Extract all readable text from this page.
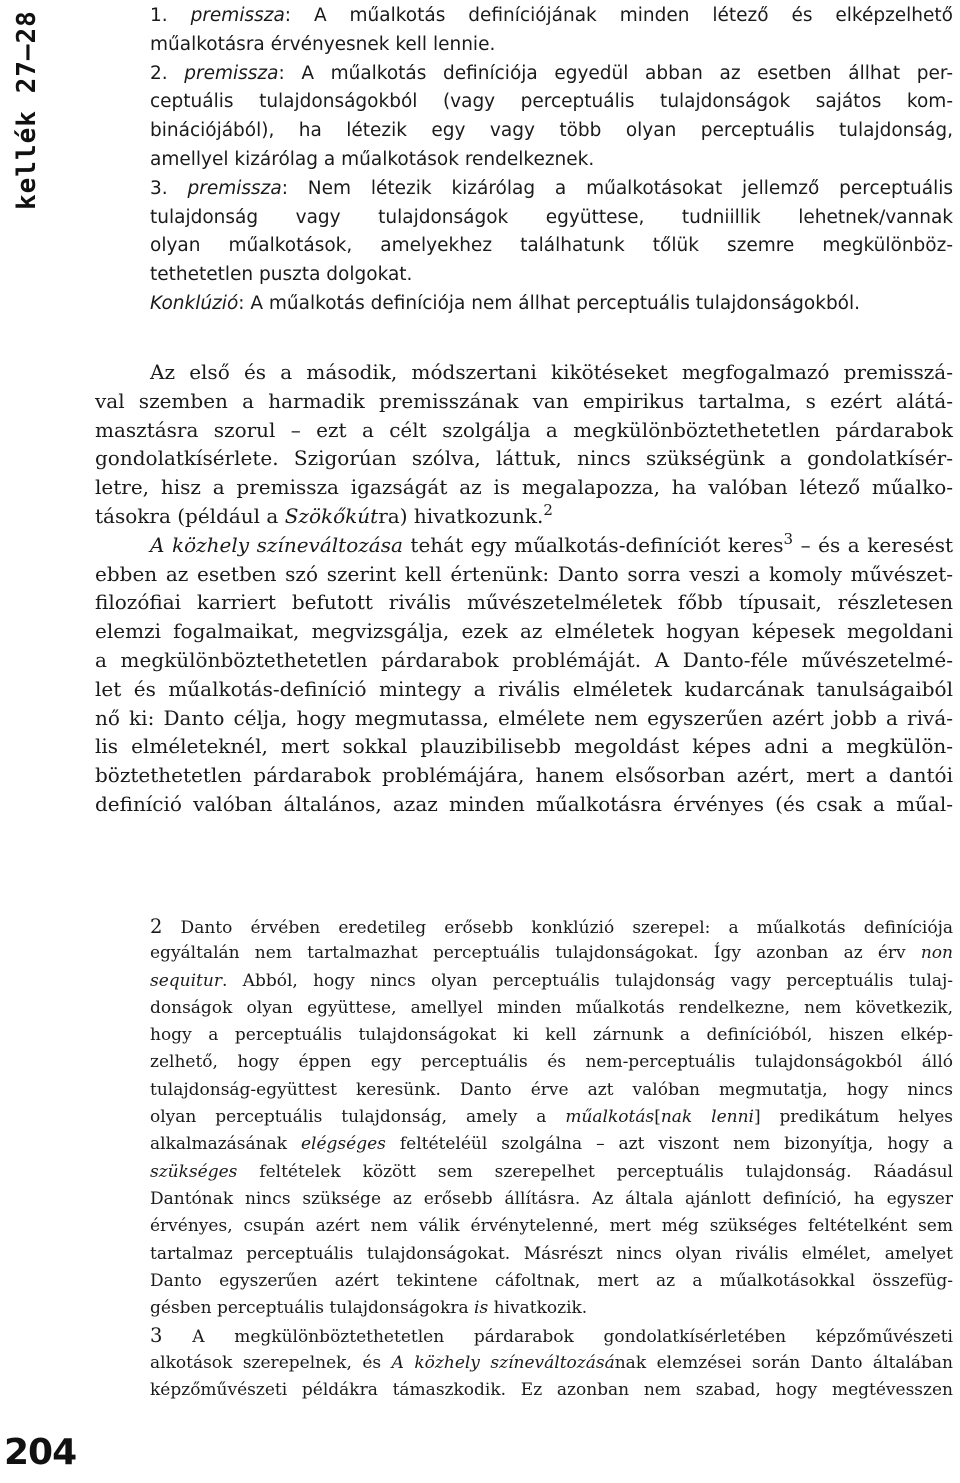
kellék 27–28
204
1. premissza: A műalkotás definíciójának minden létező és elképzelhető
műalkotásra érvényesnek kell lennie.
2. premissza: A műalkotás definíciója egyedül abban az esetben állhat per-
ceptuális tulajdonságokból (vagy perceptuális tulajdonságok sajátos kom-
binációjából), ha létezik egy vagy több olyan perceptuális tulajdonság,
amellyel kizárólag a műalkotások rendelkeznek.
3. premissza: Nem létezik kizárólag a műalkotásokat jellemző perceptuális
tulajdonság vagy tulajdonságok együttese, tudniillik lehetnek/vannak
olyan műalkotások, amelyekhez találhatunk tőlük szemre megkülönböz-
tethetetlen puszta dolgokat.
Konklúzió: A műalkotás definíciója nem állhat perceptuális tulajdonságokból.
Az első és a második, módszertani kikötéseket megfogalmazó premisszá-
val szemben a harmadik premisszának van empirikus tartalma, s ezért alátá-
masztásra szorul – ezt a célt szolgálja a megkülönböztethetetlen párdarabok
gondolatkísérlete. Szigorúan szólva, láttuk, nincs szükségünk a gondolatkísér-
letre, hisz a premissza igazságát az is megalapozza, ha valóban létező műalko-
tásokra (például a Szökőkútra) hivatkozunk.$^2$
A közhely színeváltozása tehát egy műalkotás-definíciót keres$^3$ – és a keresést
ebben az esetben szó szerint kell értenünk: Danto sorra veszi a komoly művészet-
filozófiai karriert befutott rivális művészetelméletek főbb típusait, részletesen
elemzi fogalmaikat, megvizsgálja, ezek az elméletek hogyan képesek megoldani
a megkülönböztethetetlen párdarabok problémáját. A Danto-féle művészetelmé-
let és műalkotás-definíció mintegy a rivális elméletek kudarcának tanulságaiból
nő ki: Danto célja, hogy megmutassa, elmélete nem egyszerűen azért jobb a rivá-
lis elméleteknél, mert sokkal plauzibilisebb megoldást képes adni a megkülön-
böztethetetlen párdarabok problémájára, hanem elsősorban azért, mert a dantói
definíció valóban általános, azaz minden műalkotásra érvényes (és csak a műal-
2 Danto érvében eredetileg erősebb konklúzió szerepel: a műalkotás definíciója
egyáltalán nem tartalmazhat perceptuális tulajdonságokat. Így azonban az érv non
sequitur. Abból, hogy nincs olyan perceptuális tulajdonság vagy perceptuális tulaj-
donságok olyan együttese, amellyel minden műalkotás rendelkezne, nem következik,
hogy a perceptuális tulajdonságokat ki kell zárnunk a definícióból, hiszen elkép-
zelhető, hogy éppen egy perceptuális és nem-perceptuális tulajdonságokból álló
tulajdonság-együttest keresünk. Danto érve azt valóban megmutatja, hogy nincs
olyan perceptuális tulajdonság, amely a műalkotás[nak lenni] predikátum helyes
alkalmazásának elégséges feltételéül szolgálna – azt viszont nem bizonyítja, hogy a
szükséges feltételek között sem szerepelhet perceptuális tulajdonság. Ráadásul
Dantónak nincs szüksége az erősebb állításra. Az általa ajánlott definíció, ha egyszer
érvényes, csupán azért nem válik érvénytelenné, mert még szükséges feltételként sem
tartalmaz perceptuális tulajdonságokat. Másrészt nincs olyan rivális elmélet, amelyet
Danto egyszerűen azért tekintene cáfoltnak, mert az a műalkotásokkal összefüg-
gésben perceptuális tulajdonságokra is hivatkozik.
3 A megkülönböztethetetlen párdarabok gondolatkísérletében képzőművészeti
alkotások szerepelnek, és A közhely színeváltozásának elemzései során Danto általában
képzőművészeti példákra támaszkodik. Ez azonban nem szabad, hogy megtévesszen
